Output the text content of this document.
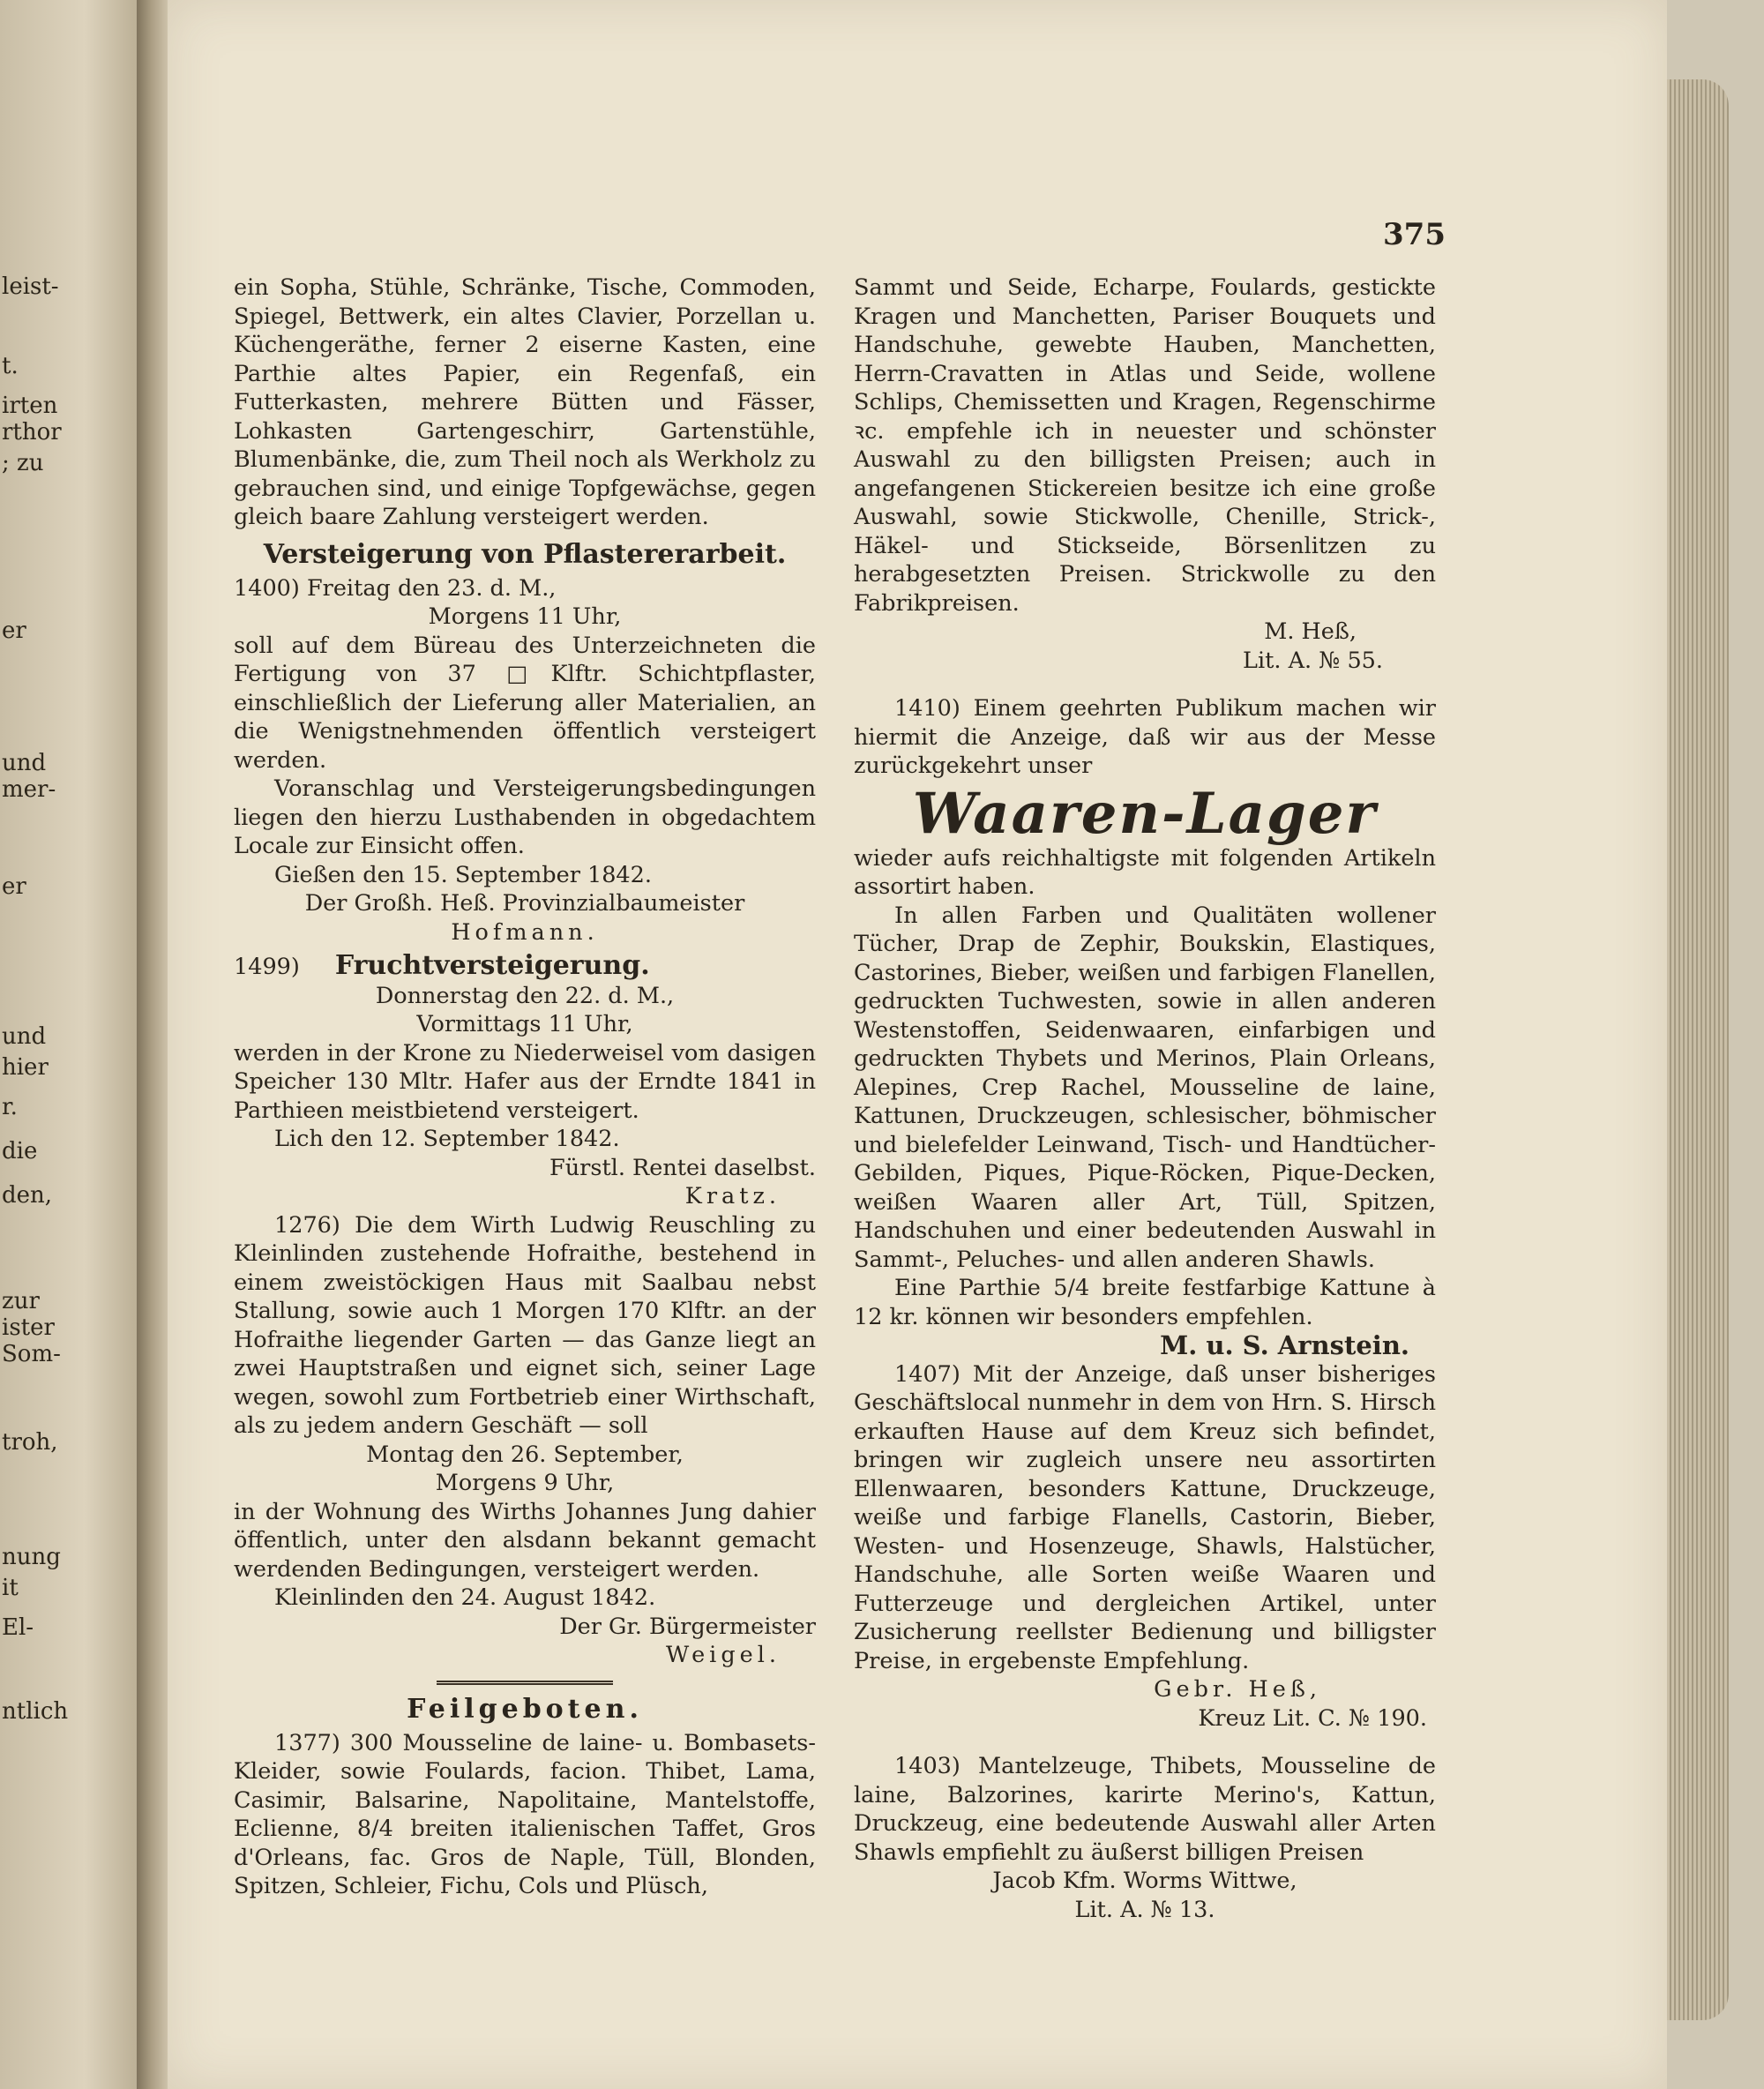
leist-
t.
irten
rthor
; zu
er
und
mer-
er
und
hier
r.
die
den,
zur
ister
Som-
troh,
nung
it
El-
ntlich
375

ein Sopha, Stühle, Schränke, Tische, Commoden, Spiegel, Bettwerk, ein altes Clavier, Porzellan u. Küchengeräthe, ferner 2 eiserne Kasten, eine Parthie altes Papier, ein Regenfaß, ein Futterkasten, mehrere Bütten und Fässer, Lohkasten Gartengeschirr, Gartenstühle, Blumenbänke, die, zum Theil noch als Werkholz zu gebrauchen sind, und einige Topfgewächse, gegen gleich baare Zahlung versteigert werden.

Versteigerung von Pflastererarbeit.

1400) Freitag den 23. d. M.,

Morgens 11 Uhr,

soll auf dem Büreau des Unterzeichneten die Fertigung von 37 □Klftr. Schichtpflaster, einschließlich der Lieferung aller Materialien, an die Wenigstnehmenden öffentlich versteigert werden.

Voranschlag und Versteigerungsbedingungen liegen den hierzu Lusthabenden in obgedachtem Locale zur Einsicht offen.

Gießen den 15. September 1842.

Der Großh. Heß. Provinzialbaumeister

Hofmann.

1499) Fruchtversteigerung.

Donnerstag den 22. d. M.,

Vormittags 11 Uhr,

werden in der Krone zu Niederweisel vom dasigen Speicher 130 Mltr. Hafer aus der Erndte 1841 in Parthieen meistbietend versteigert.

Lich den 12. September 1842.

Fürstl. Rentei daselbst.

Kratz.

1276) Die dem Wirth Ludwig Reuschling zu Kleinlinden zustehende Hofraithe, bestehend in einem zweistöckigen Haus mit Saalbau nebst Stallung, sowie auch 1 Morgen 170 Klftr. an der Hofraithe liegender Garten — das Ganze liegt an zwei Hauptstraßen und eignet sich, seiner Lage wegen, sowohl zum Fortbetrieb einer Wirthschaft, als zu jedem andern Geschäft — soll

Montag den 26. September,

Morgens 9 Uhr,

in der Wohnung des Wirths Johannes Jung dahier öffentlich, unter den alsdann bekannt gemacht werdenden Bedingungen, versteigert werden.

Kleinlinden den 24. August 1842.

Der Gr. Bürgermeister

Weigel.

Feilgeboten.

1377) 300 Mousseline de laine- u. Bombasets-Kleider, sowie Foulards, facion. Thibet, Lama, Casimir, Balsarine, Napolitaine, Mantelstoffe, Eclienne, 8/4 breiten italienischen Taffet, Gros d'Orleans, fac. Gros de Naple, Tüll, Blonden, Spitzen, Schleier, Fichu, Cols und Plüsch,

Sammt und Seide, Echarpe, Foulards, gestickte Kragen und Manchetten, Pariser Bouquets und Handschuhe, gewebte Hauben, Manchetten, Herrn-Cravatten in Atlas und Seide, wollene Schlips, Chemissetten und Kragen, Regenschirme ꝛc. empfehle ich in neuester und schönster Auswahl zu den billigsten Preisen; auch in angefangenen Stickereien besitze ich eine große Auswahl, sowie Stickwolle, Chenille, Strick-, Häkel- und Stickseide, Börsenlitzen zu herabgesetzten Preisen. Strickwolle zu den Fabrikpreisen.

M. Heß,

Lit. A. № 55.

1410) Einem geehrten Publikum machen wir hiermit die Anzeige, daß wir aus der Messe zurückgekehrt unser

Waaren-Lager

wieder aufs reichhaltigste mit folgenden Artikeln assortirt haben.

In allen Farben und Qualitäten wollener Tücher, Drap de Zephir, Boukskin, Elastiques, Castorines, Bieber, weißen und farbigen Flanellen, gedruckten Tuchwesten, sowie in allen anderen Westenstoffen, Seidenwaaren, einfarbigen und gedruckten Thybets und Merinos, Plain Orleans, Alepines, Crep Rachel, Mousseline de laine, Kattunen, Druckzeugen, schlesischer, böhmischer und bielefelder Leinwand, Tisch- und Handtücher-Gebilden, Piques, Pique-Röcken, Pique-Decken, weißen Waaren aller Art, Tüll, Spitzen, Handschuhen und einer bedeutenden Auswahl in Sammt-, Peluches- und allen anderen Shawls.

Eine Parthie 5/4 breite festfarbige Kattune à 12 kr. können wir besonders empfehlen.

M. u. S. Arnstein.

1407) Mit der Anzeige, daß unser bisheriges Geschäftslocal nunmehr in dem von Hrn. S. Hirsch erkauften Hause auf dem Kreuz sich befindet, bringen wir zugleich unsere neu assortirten Ellenwaaren, besonders Kattune, Druckzeuge, weiße und farbige Flanells, Castorin, Bieber, Westen- und Hosenzeuge, Shawls, Halstücher, Handschuhe, alle Sorten weiße Waaren und Futterzeuge und dergleichen Artikel, unter Zusicherung reellster Bedienung und billigster Preise, in ergebenste Empfehlung.

Gebr. Heß,

Kreuz Lit. C. № 190.

1403) Mantelzeuge, Thibets, Mousseline de laine, Balzorines, karirte Merino's, Kattun, Druckzeug, eine bedeutende Auswahl aller Arten Shawls empfiehlt zu äußerst billigen Preisen

Jacob Kfm. Worms Wittwe,

Lit. A. № 13.
